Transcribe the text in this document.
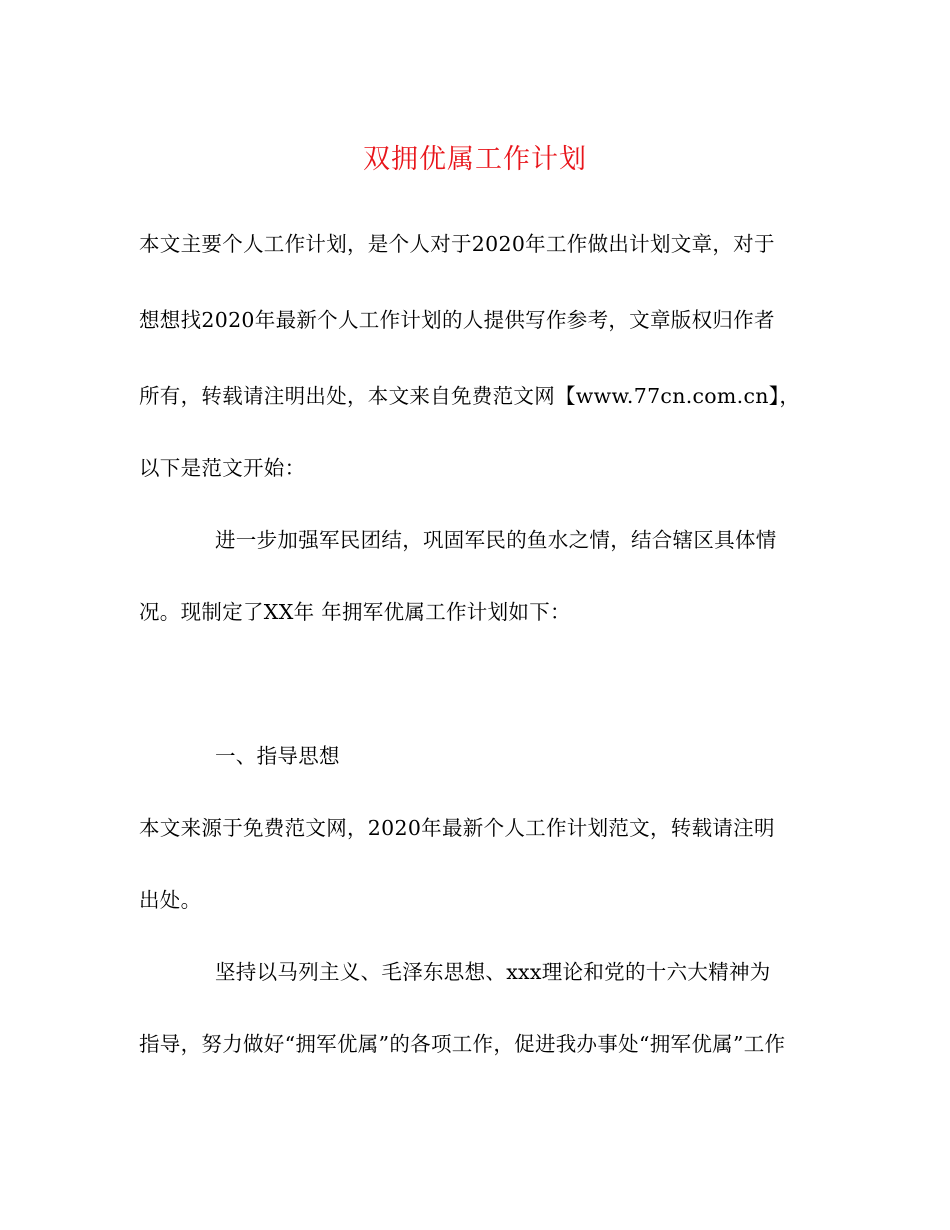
双拥优属工作计划
本文主要个人工作计划，是个人对于2020年工作做出计划文章，对于
想想找2020年最新个人工作计划的人提供写作参考，文章版权归作者
所有，转载请注明出处，本文来自免费范文网【www.77cn.com.cn】，
以下是范文开始：
进一步加强军民团结，巩固军民的鱼水之情，结合辖区具体情
况。现制定了XX年 年拥军优属工作计划如下：
一、指导思想
本文来源于免费范文网，2020年最新个人工作计划范文，转载请注明
出处。
坚持以马列主义、毛泽东思想、xxx理论和党的十六大精神为
指导，努力做好“拥军优属”的各项工作，促进我办事处“拥军优属”工作
